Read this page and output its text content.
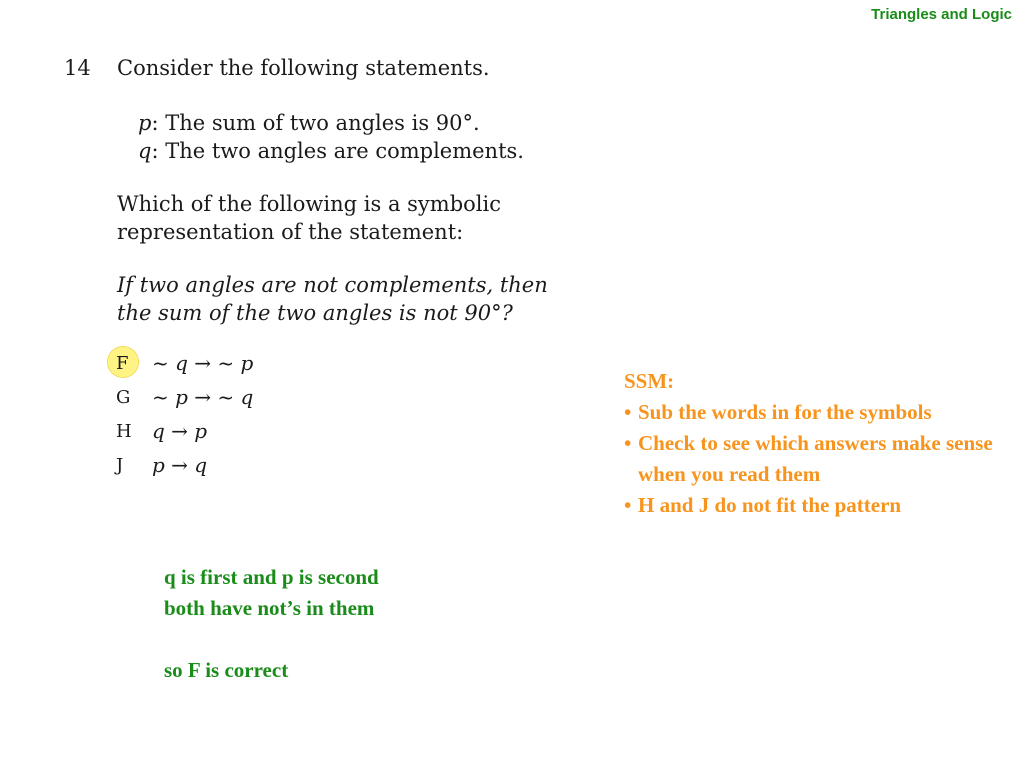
Triangles and Logic
14 Consider the following statements.
p: The sum of two angles is 90°.
q: The two angles are complements.
Which of the following is a symbolic
representation of the statement:
If two angles are not complements, then
the sum of the two angles is not 90°?
F	~ q → ~ p
G	~ p → ~ q
H	q → p
J	p → q
SSM:
• Sub the words in for the symbols
• Check to see which answers make sense when you read them
• H and J do not fit the pattern
q is first and p is second
both have not’s in them
so F is correct
